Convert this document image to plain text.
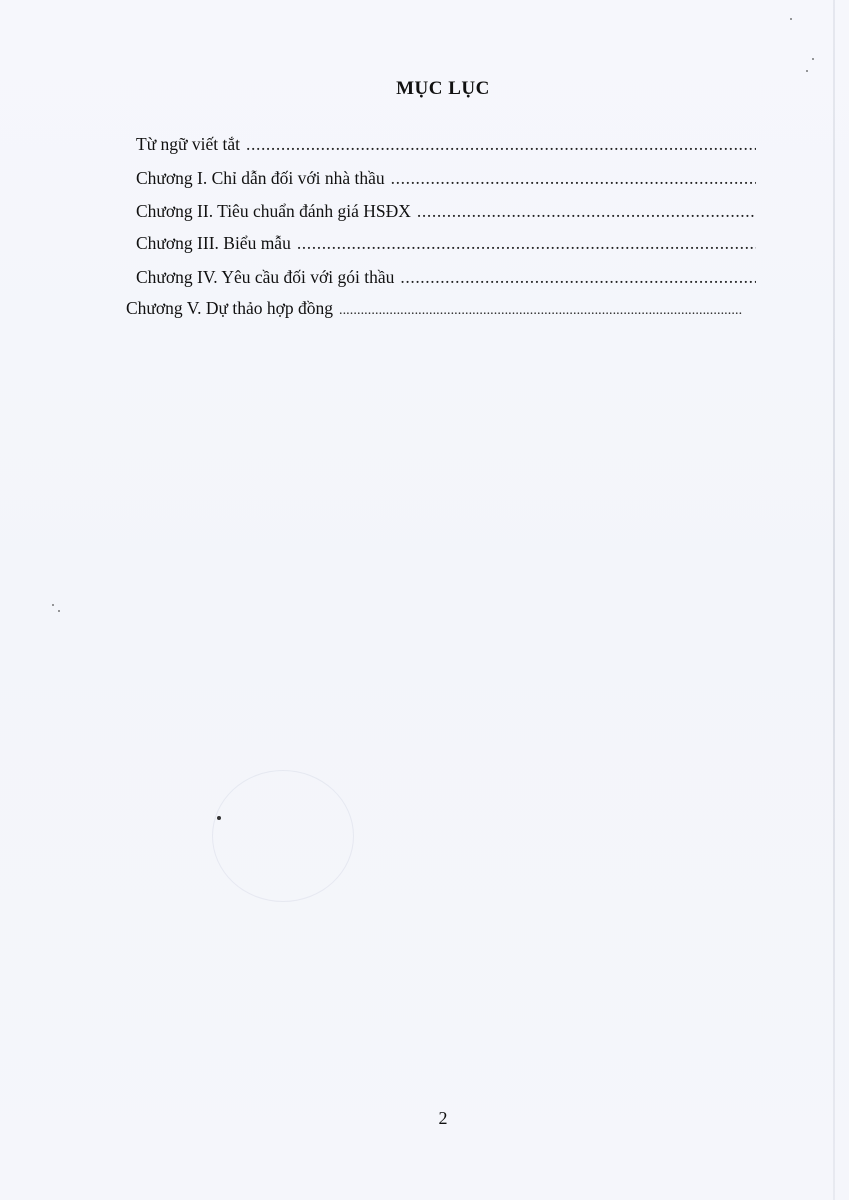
MỤC LỤC
Từ ngữ viết tắt
.....
Chương I. Chỉ dẫn đối với nhà thầu
.....
Chương II. Tiêu chuẩn đánh giá HSĐX
.....
Chương III. Biểu mẫu
.....
Chương IV. Yêu cầu đối với gói thầu
.....
Chương V. Dự thảo hợp đồng
.....
2
